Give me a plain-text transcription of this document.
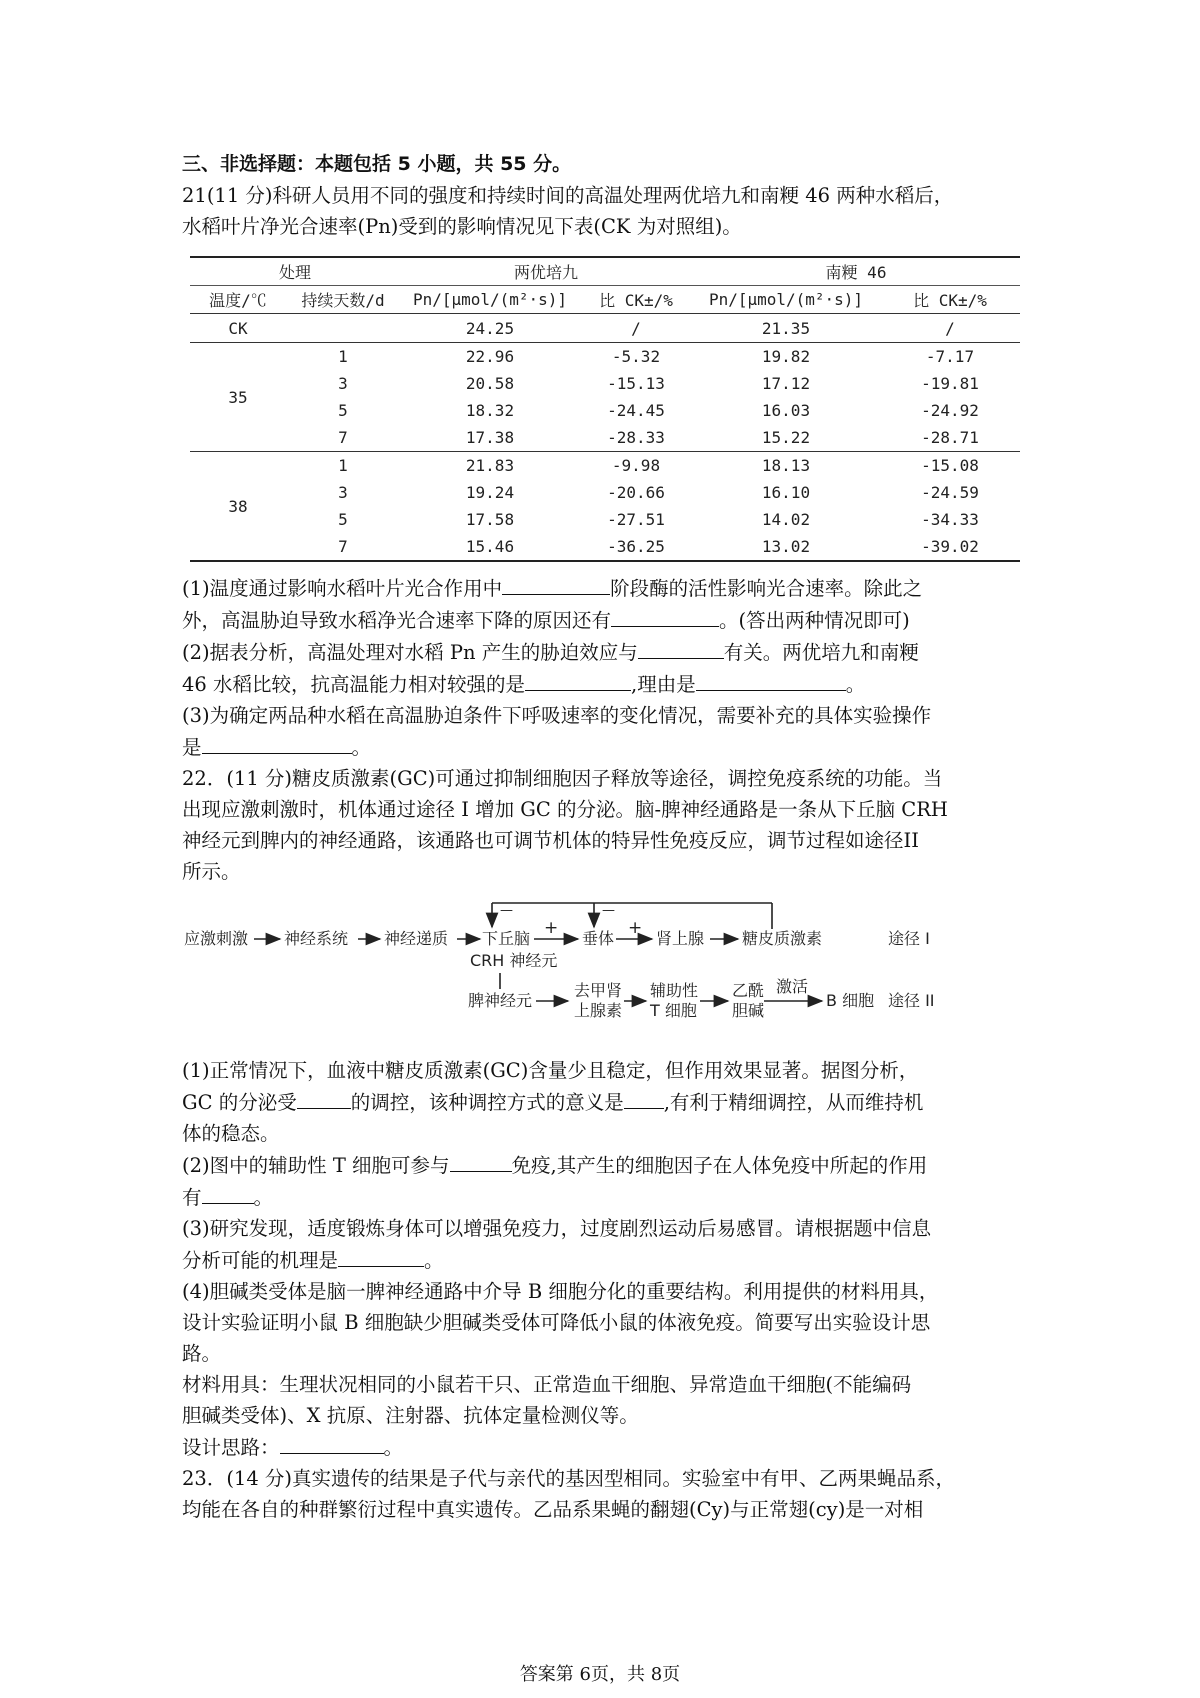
三、非选择题：本题包括 5 小题，共 55 分。

21(11 分)科研人员用不同的强度和持续时间的高温处理两优培九和南粳 46 两种水稻后，

水稻叶片净光合速率(Pn)受到的影响情况见下表(CK 为对照组)。

处理		两优培九		南粳 46	
温度/℃	持续天数/d	Pn/[μmol/(m²·s)]	比 CK±/%	Pn/[μmol/(m²·s)]	比 CK±/%
CK		24.25	/	21.35	/
35	1	22.96	-5.32	19.82	-7.17
	3	20.58	-15.13	17.12	-19.81
	5	18.32	-24.45	16.03	-24.92
	7	17.38	-28.33	15.22	-28.71
38	1	21.83	-9.98	18.13	-15.08
	3	19.24	-20.66	16.10	-24.59
	5	17.58	-27.51	14.02	-34.33
	7	15.46	-36.25	13.02	-39.02

(1)温度通过影响水稻叶片光合作用中	阶段酶的活性影响光合速率。除此之

外，高温胁迫导致水稻净光合速率下降的原因还有	。(答出两种情况即可)

(2)据表分析，高温处理对水稻 Pn 产生的胁迫效应与	有关。两优培九和南粳

46 水稻比较，抗高温能力相对较强的是	,理由是	。

(3)为确定两品种水稻在高温胁迫条件下呼吸速率的变化情况，需要补充的具体实验操作

是	。

22．(11 分)糖皮质激素(GC)可通过抑制细胞因子释放等途径，调控免疫系统的功能。当

出现应激刺激时，机体通过途径 I 增加 GC 的分泌。脑-脾神经通路是一条从下丘脑 CRH

神经元到脾内的神经通路，该通路也可调节机体的特异性免疫反应，调节过程如途径II

所示。

应激刺激 神经系统 神经递质 下丘脑
CRH 神经元
垂体	肾上腺 糖皮质激素	途径 I
+	+
—	—
脾神经元
去甲肾
上腺素
辅助性
T 细胞
乙酰
胆碱
激活
B 细胞 途径 II

(1)正常情况下，血液中糖皮质激素(GC)含量少且稳定，但作用效果显著。据图分析，

GC 的分泌受	的调控，该种调控方式的意义是 ,有利于精细调控，从而维持机

体的稳态。

(2)图中的辅助性 T 细胞可参与	免疫,其产生的细胞因子在人体免疫中所起的作用

有	。

(3)研究发现，适度锻炼身体可以增强免疫力，过度剧烈运动后易感冒。请根据题中信息

分析可能的机理是	。

(4)胆碱类受体是脑一脾神经通路中介导 B 细胞分化的重要结构。利用提供的材料用具，

设计实验证明小鼠 B 细胞缺少胆碱类受体可降低小鼠的体液免疫。简要写出实验设计思

路。

材料用具：生理状况相同的小鼠若干只、正常造血干细胞、异常造血干细胞(不能编码

胆碱类受体)、X 抗原、注射器、抗体定量检测仪等。

设计思路：	。

23．(14 分)真实遗传的结果是子代与亲代的基因型相同。实验室中有甲、乙两果蝇品系，

均能在各自的种群繁衍过程中真实遗传。乙品系果蝇的翻翅(Cy)与正常翅(cy)是一对相

答案第 6页，共 8页
